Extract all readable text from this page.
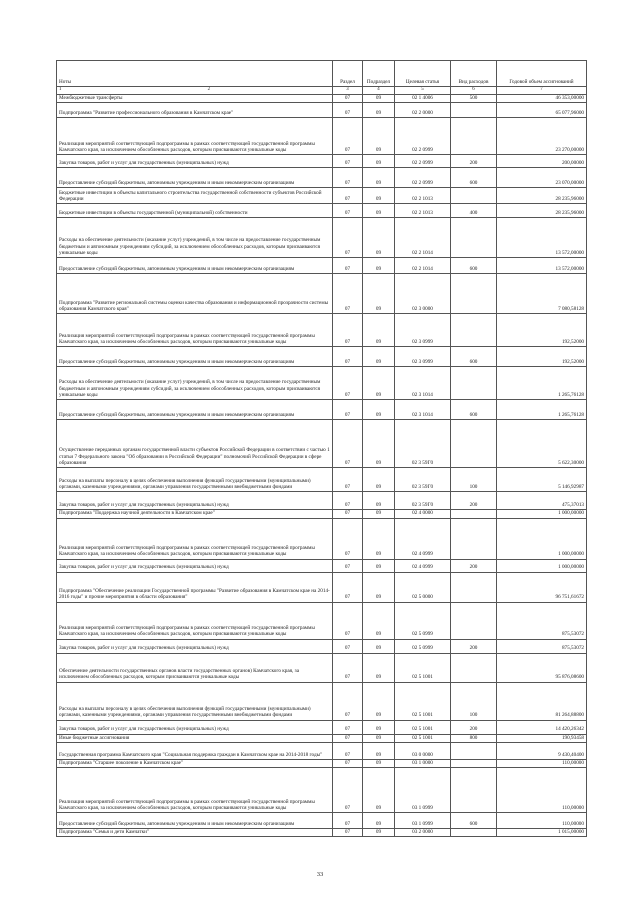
Ноты	Раздел	Подраздел	Целевая статья	Вид расходов	Годовой объем ассигнований
1 2	3	4	5	6	7
Межбюджетные трансферты	07	09	02 1 4006	500	46 353,00000
Подпрограмма "Развитие профессионального образования в Камчатском крае"	07	09	02 2 0000		65 077,96000
Реализация мероприятий соответствующей подпрограммы в рамках соответствующей государственной программы Камчатского края, за исключением обособленных расходов, которым присваиваются уникальные коды	07	09	02 2 0999		23 270,00000
Закупка товаров, работ и услуг для государственных (муниципальных) нужд	07	09	02 2 0999	200	200,00000
Предоставление субсидий бюджетным, автономным учреждениям и иным некоммерческим организациям	07	09	02 2 0999	600	23 070,00000
Бюджетные инвестиции в объекты капитального строительства государственной собственности субъектов Российской Федерации	07	09	02 2 1013		28 235,96000
Бюджетные инвестиции в объекты государственной (муниципальной) собственности	07	09	02 2 1013	400	28 235,96000
Расходы на обеспечение деятельности (оказание услуг) учреждений, в том числе на предоставление государственным бюджетным и автономным учреждениям субсидий, за исключением обособленных расходов, которым присваиваются уникальные коды	07	09	02 2 1014		13 572,00000
Предоставление субсидий бюджетным, автономным учреждениям и иным некоммерческим организациям	07	09	02 2 1014	600	13 572,00000
Подпрограмма "Развитие региональной системы оценки качества образования и информационной прозрачности системы образования Камчатского края"	07	09	02 3 0000		7 080,58128
Реализация мероприятий соответствующей подпрограммы в рамках соответствующей государственной программы Камчатского края, за исключением обособленных расходов, которым присваиваются уникальные коды	07	09	02 3 0999		192,52000
Предоставление субсидий бюджетным, автономным учреждениям и иным некоммерческим организациям	07	09	02 3 0999	600	192,52000
Расходы на обеспечение деятельности (оказание услуг) учреждений, в том числе на предоставление государственным бюджетным и автономным учреждениям субсидий, за исключением обособленных расходов, которым присваиваются уникальные коды	07	09	02 3 1014		1 265,76128
Предоставление субсидий бюджетным, автономным учреждениям и иным некоммерческим организациям	07	09	02 3 1014	600	1 265,76128
Осуществление переданных органам государственной власти субъектов Российской Федерации в соответствии с частью 1 статьи 7 Федерального закона "Об образовании в Российской Федерации" полномочий Российской Федерации в сфере образования	07	09	02 3 59Г0		5 622,30000
Расходы на выплаты персоналу в целях обеспечения выполнения функций государственными (муниципальными) органами, казенными учреждениями, органами управления государственными внебюджетными фондами	07	09	02 3 59Г0	100	5 146,92987
Закупка товаров, работ и услуг для государственных (муниципальных) нужд	07	09	02 3 59Г0	200	475,37013
Подпрограмма "Поддержка научной деятельности в Камчатском крае"	07	09	02 4 0000		1 000,00000
Реализация мероприятий соответствующей подпрограммы в рамках соответствующей государственной программы Камчатского края, за исключением обособленных расходов, которым присваиваются уникальные коды	07	09	02 4 0999		1 000,00000
Закупка товаров, работ и услуг для государственных (муниципальных) нужд	07	09	02 4 0999	200	1 000,00000
Подпрограмма "Обеспечение реализации Государственной программы "Развитие образования в Камчатском крае на 2014-2016 годы" и прочие мероприятия в области образования"	07	09	02 5 0000		96 751,61672
Реализация мероприятий соответствующей подпрограммы в рамках соответствующей государственной программы Камчатского края, за исключением обособленных расходов, которым присваиваются уникальные коды	07	09	02 5 0999		875,53072
Закупка товаров, работ и услуг для государственных (муниципальных) нужд	07	09	02 5 0999	200	875,53072
Обеспечение деятельности государственных органов власти государственных органов) Камчатского края, за исключением обособленных расходов, которым присваиваются уникальные коды	07	09	02 5 1001		95 876,08600
Расходы на выплаты персоналу в целях обеспечения выполнения функций государственными (муниципальными) органами, казенными учреждениями, органами управления государственными внебюджетными фондами	07	09	02 5 1001	100	81 264,88800
Закупка товаров, работ и услуг для государственных (муниципальных) нужд	07	09	02 5 1001	200	14 420,26342
Иные бюджетные ассигнования	07	09	02 5 1001	800	190,93458
Государственная программа Камчатского края "Социальная поддержка граждан в Камчатском крае на 2014-2018 годы"	07	09	03 0 0000		9 430,40400
Подпрограмма "Старшее поколение в Камчатском крае"	07	09	03 1 0000		110,00000
Реализация мероприятий соответствующей подпрограммы в рамках соответствующей государственной программы Камчатского края, за исключением обособленных расходов, которым присваиваются уникальные коды	07	09	03 1 0999		110,00000
Предоставление субсидий бюджетным, автономным учреждениям и иным некоммерческим организациям	07	09	03 1 0999	600	110,00000
Подпрограмма "Семья и дети Камчатки"	07	09	03 2 0000		1 015,00000
33
